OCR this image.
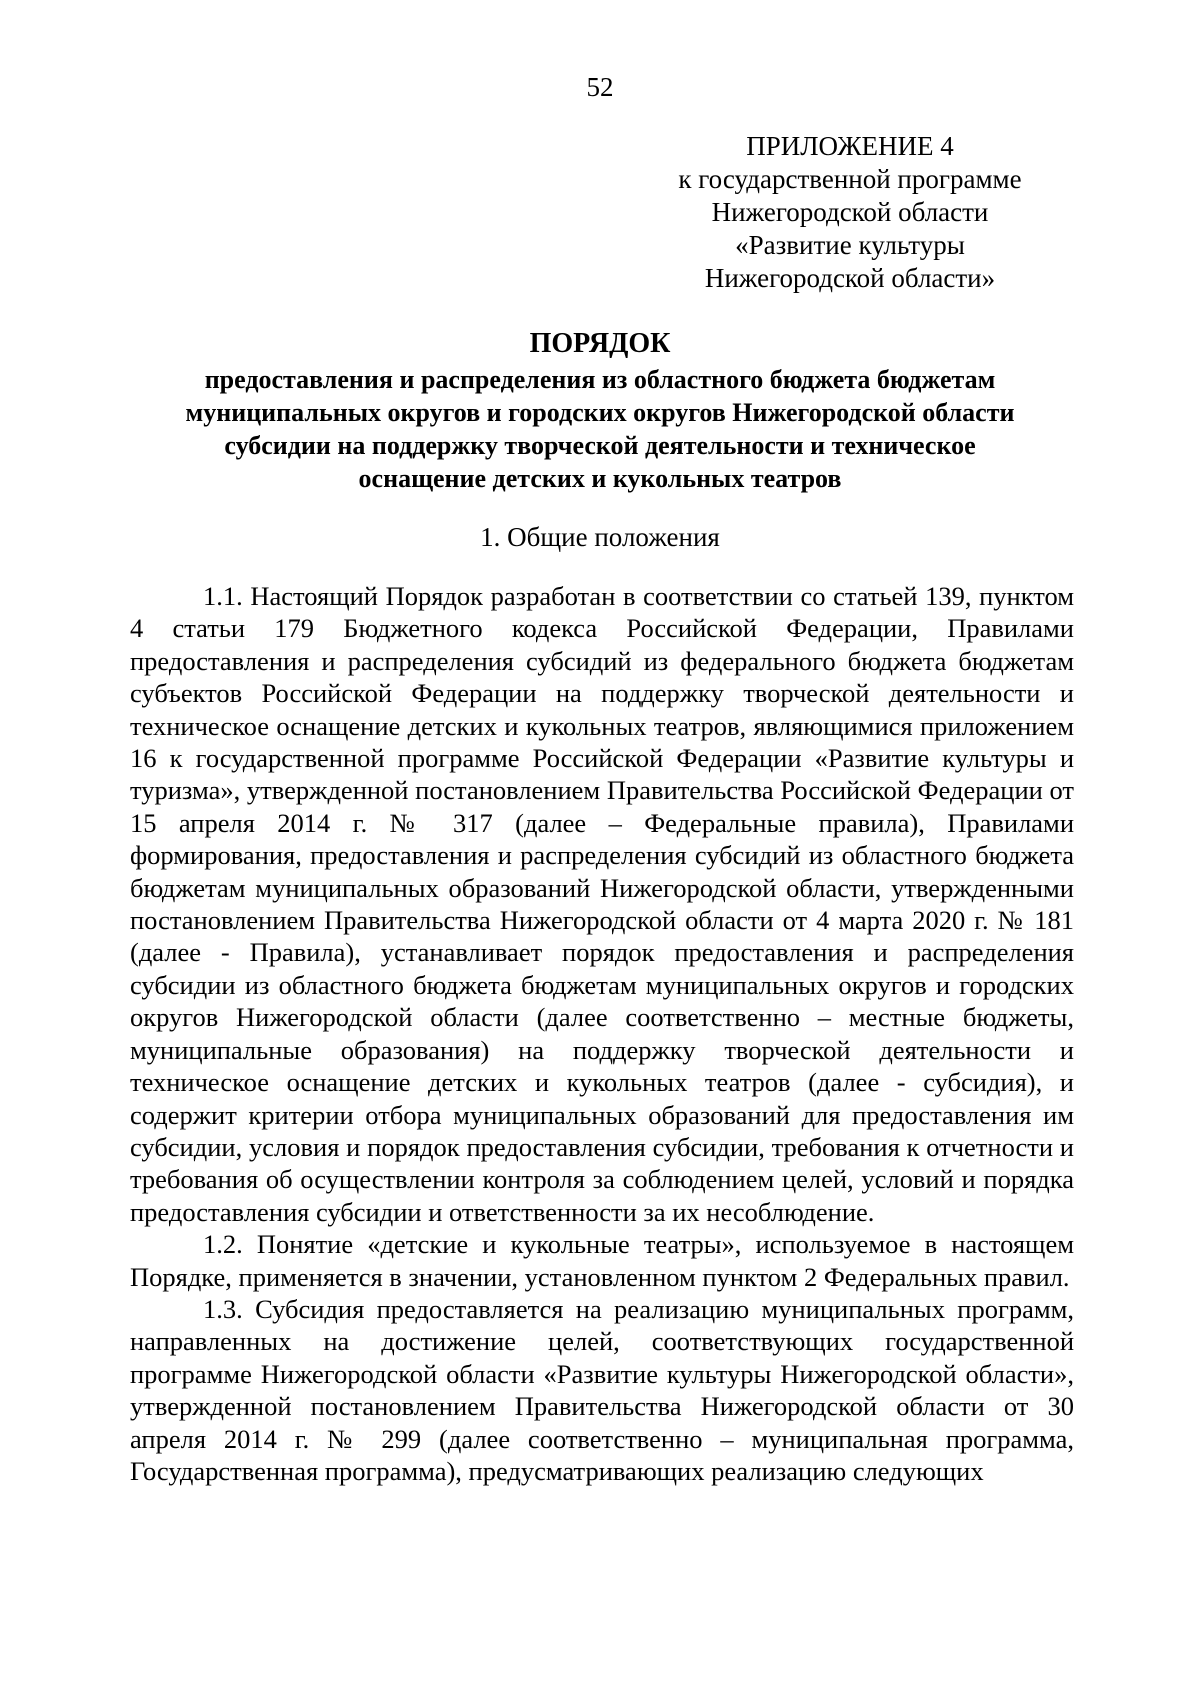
52
ПРИЛОЖЕНИЕ 4
к государственной программе
Нижегородской области
«Развитие культуры
Нижегородской области»
ПОРЯДОК
предоставления и распределения из областного бюджета бюджетам
муниципальных округов и городских округов Нижегородской области
субсидии на поддержку творческой деятельности и техническое
оснащение детских и кукольных театров
1. Общие положения

1.1. Настоящий Порядок разработан в соответствии со статьей 139, пунктом 4 статьи 179 Бюджетного кодекса Российской Федерации, Правилами предоставления и распределения субсидий из федерального бюджета бюджетам субъектов Российской Федерации на поддержку творческой деятельности и техническое оснащение детских и кукольных театров, являющимися приложением 16 к государственной программе Российской Федерации «Развитие культуры и туризма», утвержденной постановлением Правительства Российской Федерации от 15 апреля 2014 г. № 317 (далее – Федеральные правила), Правилами формирования, предоставления и распределения субсидий из областного бюджета бюджетам муниципальных образований Нижегородской области, утвержденными постановлением Правительства Нижегородской области от 4 марта 2020 г. № 181 (далее - Правила), устанавливает порядок предоставления и распределения субсидии из областного бюджета бюджетам муниципальных округов и городских округов Нижегородской области (далее соответственно – местные бюджеты, муниципальные образования) на поддержку творческой деятельности и техническое оснащение детских и кукольных театров (далее - субсидия), и содержит критерии отбора муниципальных образований для предоставления им субсидии, условия и порядок предоставления субсидии, требования к отчетности и требования об осуществлении контроля за соблюдением целей, условий и порядка предоставления субсидии и ответственности за их несоблюдение.

1.2. Понятие «детские и кукольные театры», используемое в настоящем Порядке, применяется в значении, установленном пунктом 2 Федеральных правил.

1.3. Субсидия предоставляется на реализацию муниципальных программ, направленных на достижение целей, соответствующих государственной программе Нижегородской области «Развитие культуры Нижегородской области», утвержденной постановлением Правительства Нижегородской области от 30 апреля 2014 г. № 299 (далее соответственно – муниципальная программа, Государственная программа), предусматривающих реализацию следующих
